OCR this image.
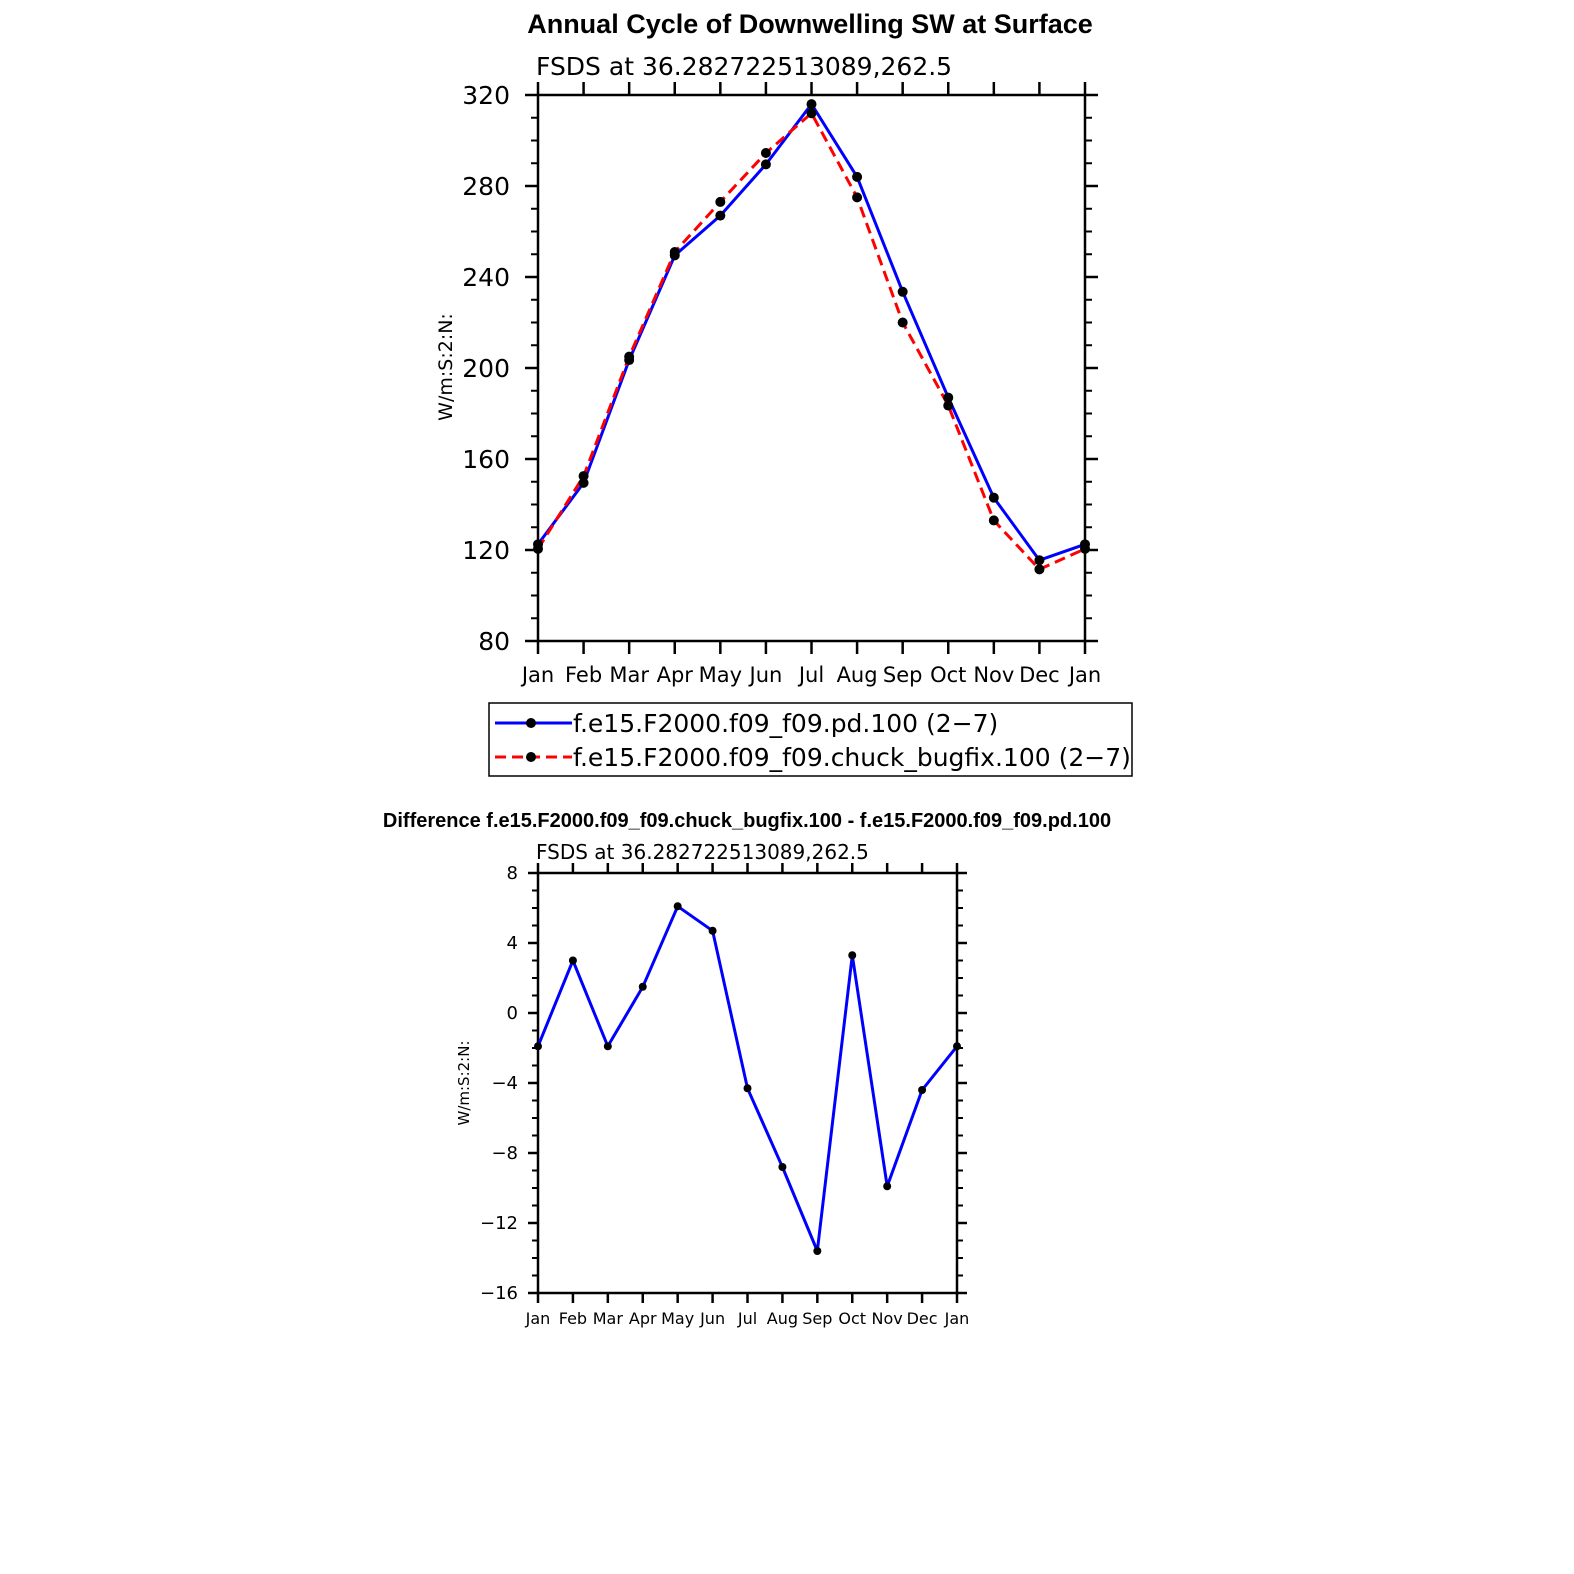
Annual Cycle of Downwelling SW at Surface
FSDS at 36.282722513089,262.5
W/m:S:2:N:
80
120
160
200
240
280
320
Jan Feb Mar Apr May Jun Jul Aug Sep Oct Nov Dec Jan
f.e15.F2000.f09_f09.pd.100 (2−7)
f.e15.F2000.f09_f09.chuck_bugfix.100 (2−7)
Difference f.e15.F2000.f09_f09.chuck_bugfix.100 - f.e15.F2000.f09_f09.pd.100
FSDS at 36.282722513089,262.5
W/m:S:2:N:
−16
−12
−8
−4
0
4
8
Jan Feb Mar Apr May Jun Jul Aug Sep Oct Nov Dec Jan
